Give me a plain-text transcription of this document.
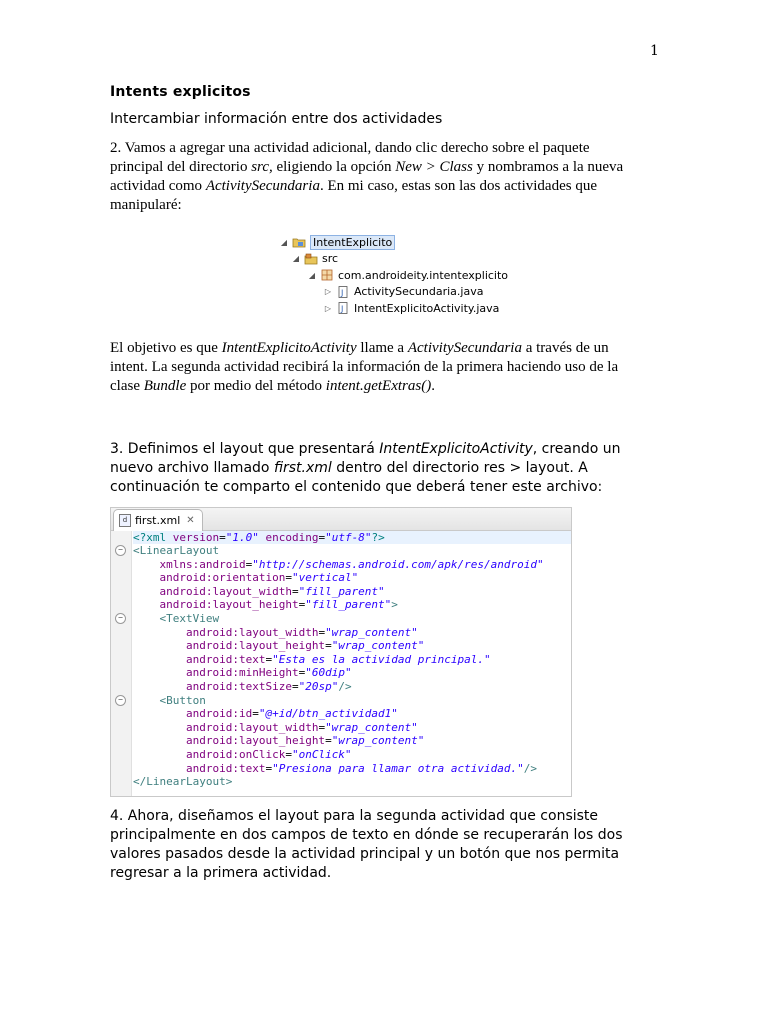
1

Intents explicitos

Intercambiar información entre dos actividades

2. Vamos a agregar una actividad adicional, dando clic derecho sobre el paquete principal del directorio src, eligiendo la opción New > Class y nombramos a la nueva actividad como ActivitySecundaria. En mi caso, estas son las dos actividades que manipularé:

◢ IntentExplicito
◢ src
◢ com.androideity.intentexplicito
▷	J ActivitySecundaria.java
▷	J IntentExplicitoActivity.java

El objetivo es que IntentExplicitoActivity llame a ActivitySecundaria a través de un intent. La segunda actividad recibirá la información de la primera haciendo uso de la clase Bundle por medio del método intent.getExtras().

3. Definimos el layout que presentará IntentExplicitoActivity, creando un nuevo archivo llamado first.xml dentro del directorio res > layout. A continuación te comparto el contenido que deberá tener este archivo:

d first.xml ✕
<?xml version="1.0" encoding="utf-8"?>
− <LinearLayout
xmlns:android="http://schemas.android.com/apk/res/android"
android:orientation="vertical"
android:layout_width="fill_parent"
android:layout_height="fill_parent">
−	<TextView
android:layout_width="wrap_content"
android:layout_height="wrap_content"
android:text="Esta es la actividad principal."
android:minHeight="60dip"
android:textSize="20sp"/>
−	<Button
android:id="@+id/btn_actividad1"
android:layout_width="wrap_content"
android:layout_height="wrap_content"
android:onClick="onClick"
android:text="Presiona para llamar otra actividad."/>
</LinearLayout>

4. Ahora, diseñamos el layout para la segunda actividad que consiste principalmente en dos campos de texto en dónde se recuperarán los dos valores pasados desde la actividad principal y un botón que nos permita regresar a la primera actividad.
